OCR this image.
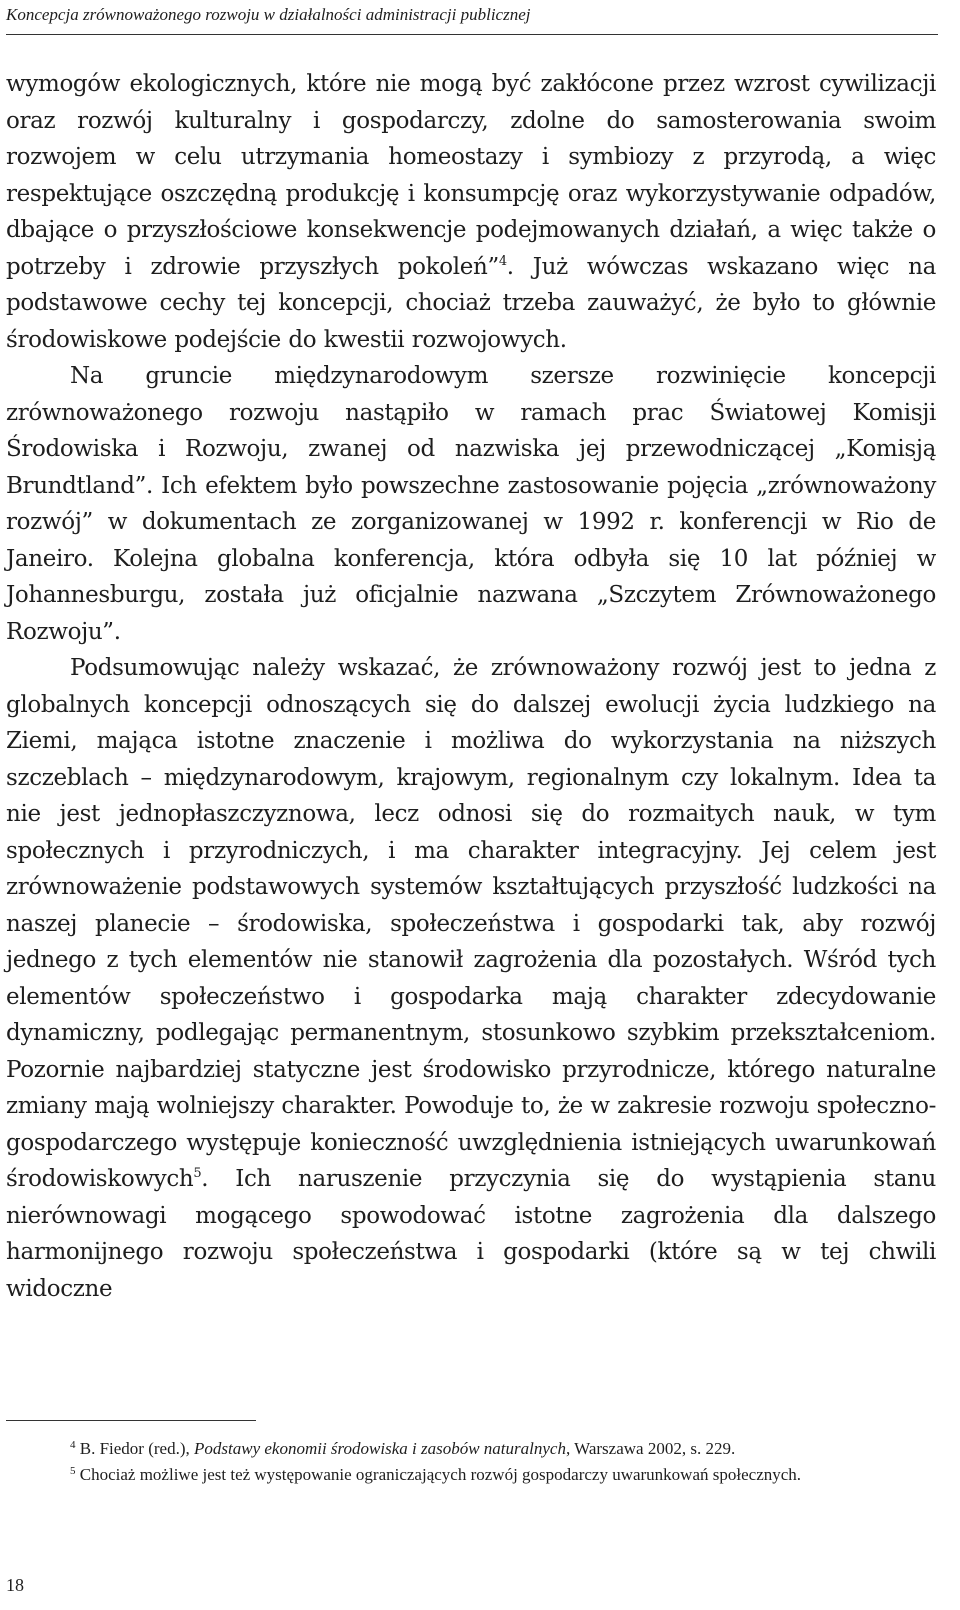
Koncepcja zrównoważonego rozwoju w działalności administracji publicznej

wymogów ekologicznych, które nie mogą być zakłócone przez wzrost cywilizacji oraz rozwój kulturalny i gospodarczy, zdolne do samosterowania swoim rozwojem w celu utrzymania homeostazy i symbiozy z przyrodą, a więc respektujące oszczędną produkcję i konsumpcję oraz wykorzystywanie odpadów, dbające o przyszłościowe konsekwencje podejmowanych działań, a więc także o potrzeby i zdrowie przyszłych pokoleń”$^4$. Już wówczas wskazano więc na podstawowe cechy tej koncepcji, chociaż trzeba zauważyć, że było to głównie środowiskowe podejście do kwestii rozwojowych.

Na gruncie międzynarodowym szersze rozwinięcie koncepcji zrównoważonego rozwoju nastąpiło w ramach prac Światowej Komisji Środowiska i Rozwoju, zwanej od nazwiska jej przewodniczącej „Komisją Brundtland”. Ich efektem było powszechne zastosowanie pojęcia „zrównoważony rozwój” w dokumentach ze zorganizowanej w 1992 r. konferencji w Rio de Janeiro. Kolejna globalna konferencja, która odbyła się 10 lat później w Johannesburgu, została już oficjalnie nazwana „Szczytem Zrównoważonego Rozwoju”.

Podsumowując należy wskazać, że zrównoważony rozwój jest to jedna z globalnych koncepcji odnoszących się do dalszej ewolucji życia ludzkiego na Ziemi, mająca istotne znaczenie i możliwa do wykorzystania na niższych szczeblach – międzynarodowym, krajowym, regionalnym czy lokalnym. Idea ta nie jest jednopłaszczyznowa, lecz odnosi się do rozmaitych nauk, w tym społecznych i przyrodniczych, i ma charakter integracyjny. Jej celem jest zrównoważenie podstawowych systemów kształtujących przyszłość ludzkości na naszej planecie – środowiska, społeczeństwa i gospodarki tak, aby rozwój jednego z tych elementów nie stanowił zagrożenia dla pozostałych. Wśród tych elementów społeczeństwo i gospodarka mają charakter zdecydowanie dynamiczny, podlegając permanentnym, stosunkowo szybkim przekształceniom. Pozornie najbardziej statyczne jest środowisko przyrodnicze, którego naturalne zmiany mają wolniejszy charakter. Powoduje to, że w zakresie rozwoju społeczno-gospodarczego występuje konieczność uwzględnienia istniejących uwarunkowań środowiskowych$^5$. Ich naruszenie przyczynia się do wystąpienia stanu nierównowagi mogącego spowodować istotne zagrożenia dla dalszego harmonijnego rozwoju społeczeństwa i gospodarki (które są w tej chwili widoczne

$^4$ B. Fiedor (red.), Podstawy ekonomii środowiska i zasobów naturalnych, Warszawa 2002, s. 229.

$^5$ Chociaż możliwe jest też występowanie ograniczających rozwój gospodarczy uwarunkowań społecznych.

18
